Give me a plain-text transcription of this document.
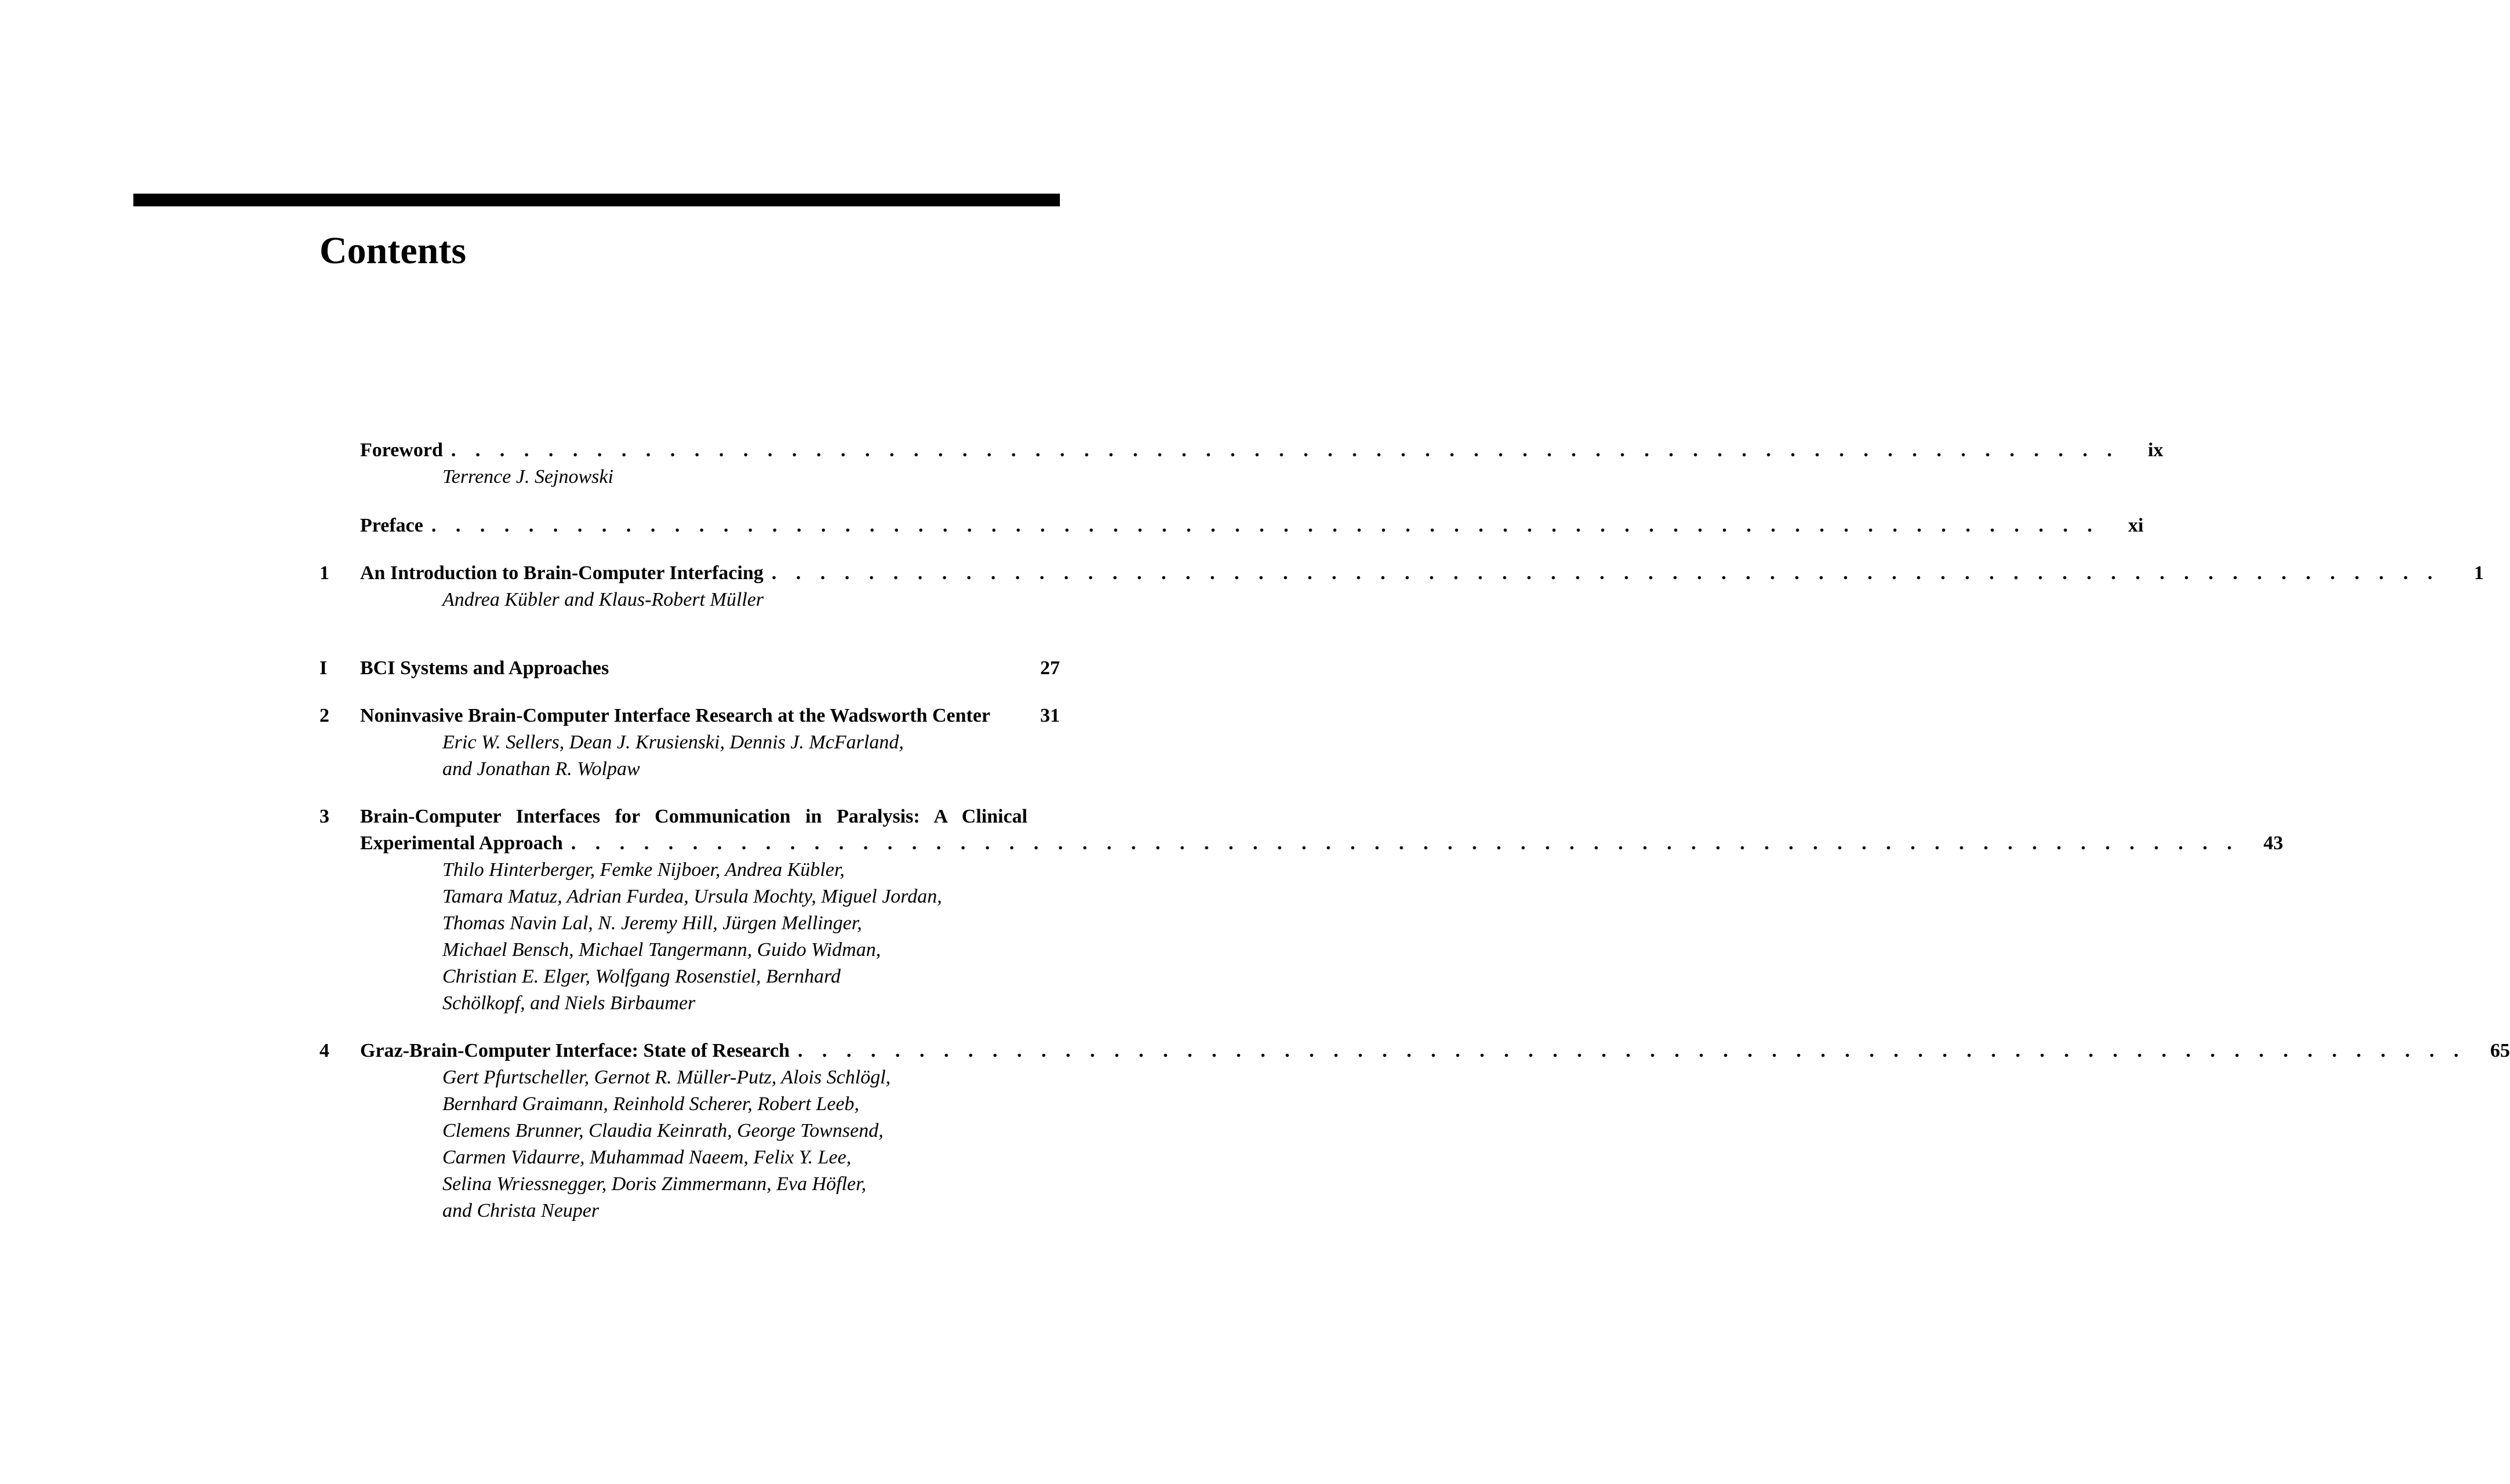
Contents
Foreword . . . . . . . . . . . . . . . . . . . . . . . . . . . . . . . . . . . . . . . . . . . . . . . . . . . . . . . . . . . . . . . . . . . . .	ix
Terrence J. Sejnowski
Preface . . . . . . . . . . . . . . . . . . . . . . . . . . . . . . . . . . . . . . . . . . . . . . . . . . . . . . . . . . . . . . . . . . . . .	xi
1 An Introduction to Brain-Computer Interfacing . . . . . . . . . . . . . . . . . . . . . . . . . . . . . . . . . . . . . . . . . . . . . . . . . . . . . . . . . . . . . . . . . . . . .	1
Andrea Kübler and Klaus-Robert Müller
I BCI Systems and Approaches	27
2 Noninvasive Brain-Computer Interface Research at the Wadsworth Center	31
Eric W. Sellers, Dean J. Krusienski, Dennis J. McFarland,
and Jonathan R. Wolpaw
3 Brain-Computer Interfaces for Communication in Paralysis: A Clinical
Experimental Approach . . . . . . . . . . . . . . . . . . . . . . . . . . . . . . . . . . . . . . . . . . . . . . . . . . . . . . . . . . . . . . . . . . . . .	43
Thilo Hinterberger, Femke Nijboer, Andrea Kübler,
Tamara Matuz, Adrian Furdea, Ursula Mochty, Miguel Jordan,
Thomas Navin Lal, N. Jeremy Hill, Jürgen Mellinger,
Michael Bensch, Michael Tangermann, Guido Widman,
Christian E. Elger, Wolfgang Rosenstiel, Bernhard
Schölkopf, and Niels Birbaumer
4 Graz-Brain-Computer Interface: State of Research . . . . . . . . . . . . . . . . . . . . . . . . . . . . . . . . . . . . . . . . . . . . . . . . . . . . . . . . . . . . . . . . . . . . .	65
Gert Pfurtscheller, Gernot R. Müller-Putz, Alois Schlögl,
Bernhard Graimann, Reinhold Scherer, Robert Leeb,
Clemens Brunner, Claudia Keinrath, George Townsend,
Carmen Vidaurre, Muhammad Naeem, Felix Y. Lee,
Selina Wriessnegger, Doris Zimmermann, Eva Höfler,
and Christa Neuper
